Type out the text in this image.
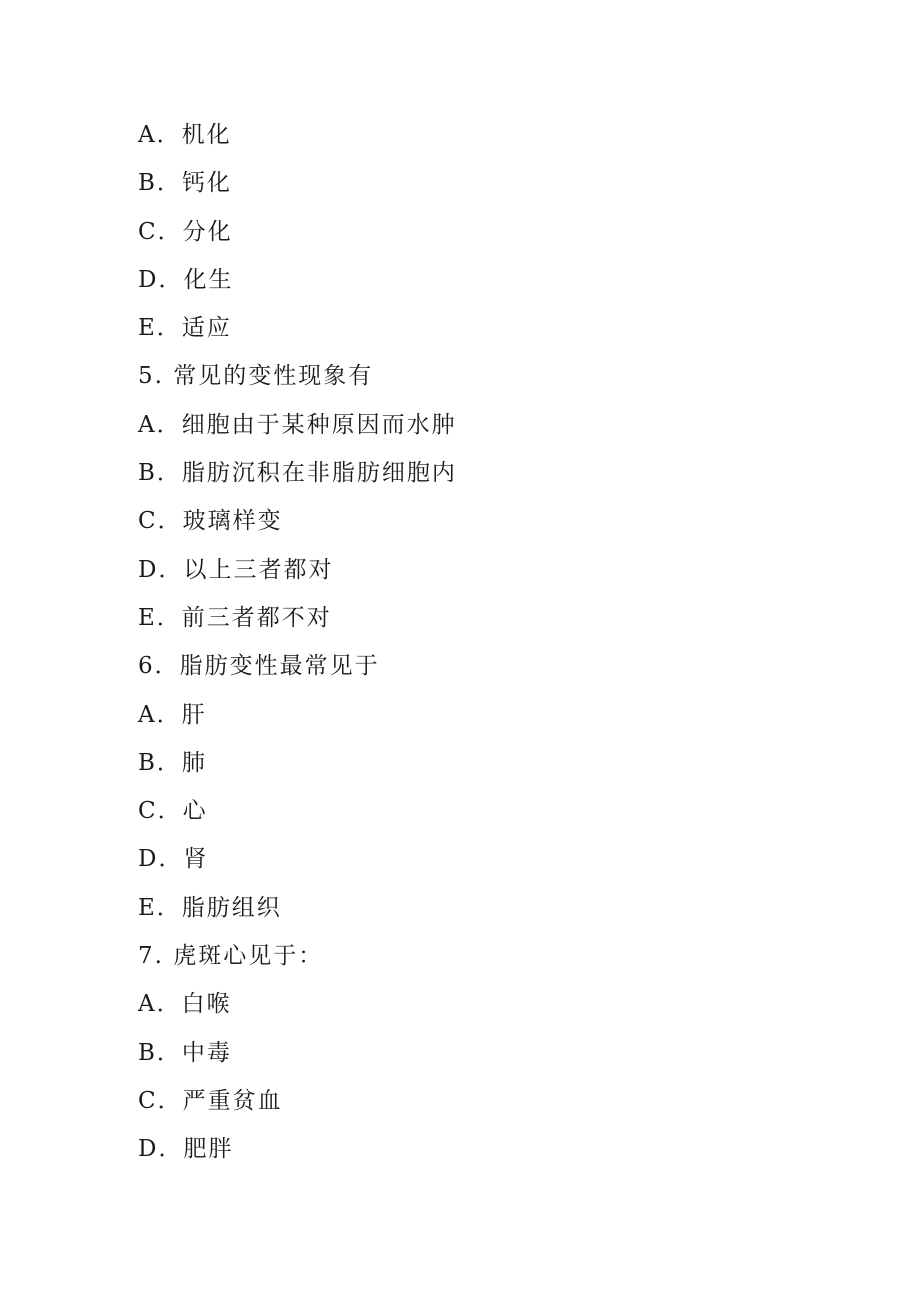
A．机化
B．钙化
C．分化
D．化生
E．适应
5. 常见的变性现象有
A．细胞由于某种原因而水肿
B．脂肪沉积在非脂肪细胞内
C．玻璃样变
D．以上三者都对
E．前三者都不对
6．脂肪变性最常见于
A．肝
B．肺
C．心
D．肾
E．脂肪组织
7. 虎斑心见于：
A．白喉
B．中毒
C．严重贫血
D．肥胖
